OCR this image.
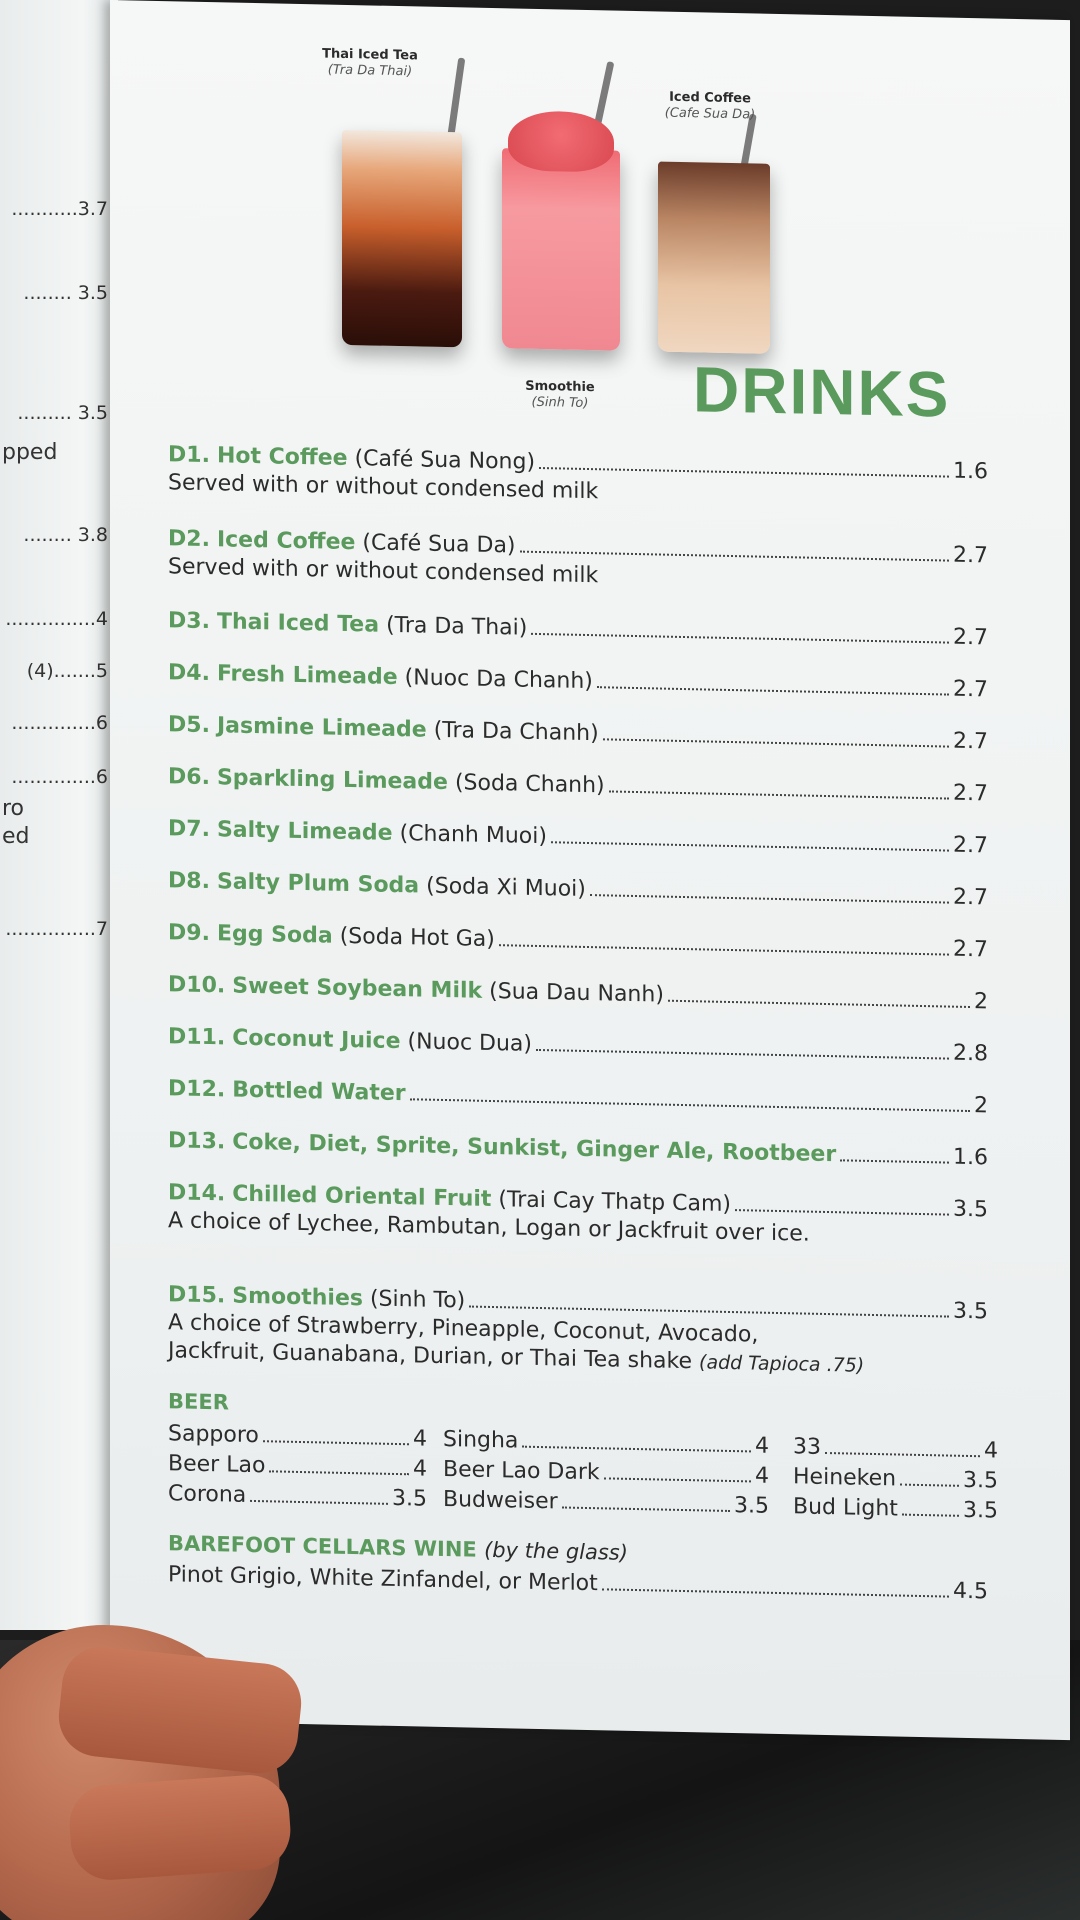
...........3.7
........ 3.5
......... 3.5
pped
........ 3.8
...............4
(4).......5
..............6
..............6
ro
ed
...............7
Thai Iced Tea
(Tra Da Thai)
Iced Coffee
(Cafe Sua Da)
Smoothie
(Sinh To)	DRINKS
D1.
Hot Coffee
(Café Sua Nong)	1.6
Served with or without condensed milk
D2.
Iced Coffee
(Café Sua Da)	2.7
Served with or without condensed milk
D3.
Thai Iced Tea
(Tra Da Thai)	2.7
D4.
Fresh Limeade
(Nuoc Da Chanh)	2.7
D5.
Jasmine Limeade
(Tra Da Chanh)	2.7
D6.
Sparkling Limeade
(Soda Chanh)	2.7
D7.
Salty Limeade
(Chanh Muoi)	2.7
D8.
Salty Plum Soda
(Soda Xi Muoi)	2.7
D9.
Egg Soda
(Soda Hot Ga)	2.7
D10.
Sweet Soybean Milk
(Sua Dau Nanh)	2
D11.
Coconut Juice
(Nuoc Dua)	2.8
D12.
Bottled Water	2
D13.
Coke, Diet, Sprite, Sunkist, Ginger Ale, Rootbeer	1.6
D14.
Chilled Oriental Fruit
(Trai Cay Thatp Cam)	3.5
A choice of Lychee, Rambutan, Logan or Jackfruit over ice.
D15.
Smoothies
(Sinh To)	3.5
A choice of Strawberry, Pineapple, Coconut, Avocado,
Jackfruit, Guanabana, Durian, or Thai Tea shake (add Tapioca .75)
BEER
Sapporo	4 Singha	4 33	4
Beer Lao	4 Beer Lao Dark	4 Heineken	3.5
Corona	3.5 Budweiser	3.5 Bud Light	3.5
BAREFOOT CELLARS WINE (by the glass)
Pinot Grigio, White Zinfandel, or Merlot	4.5
